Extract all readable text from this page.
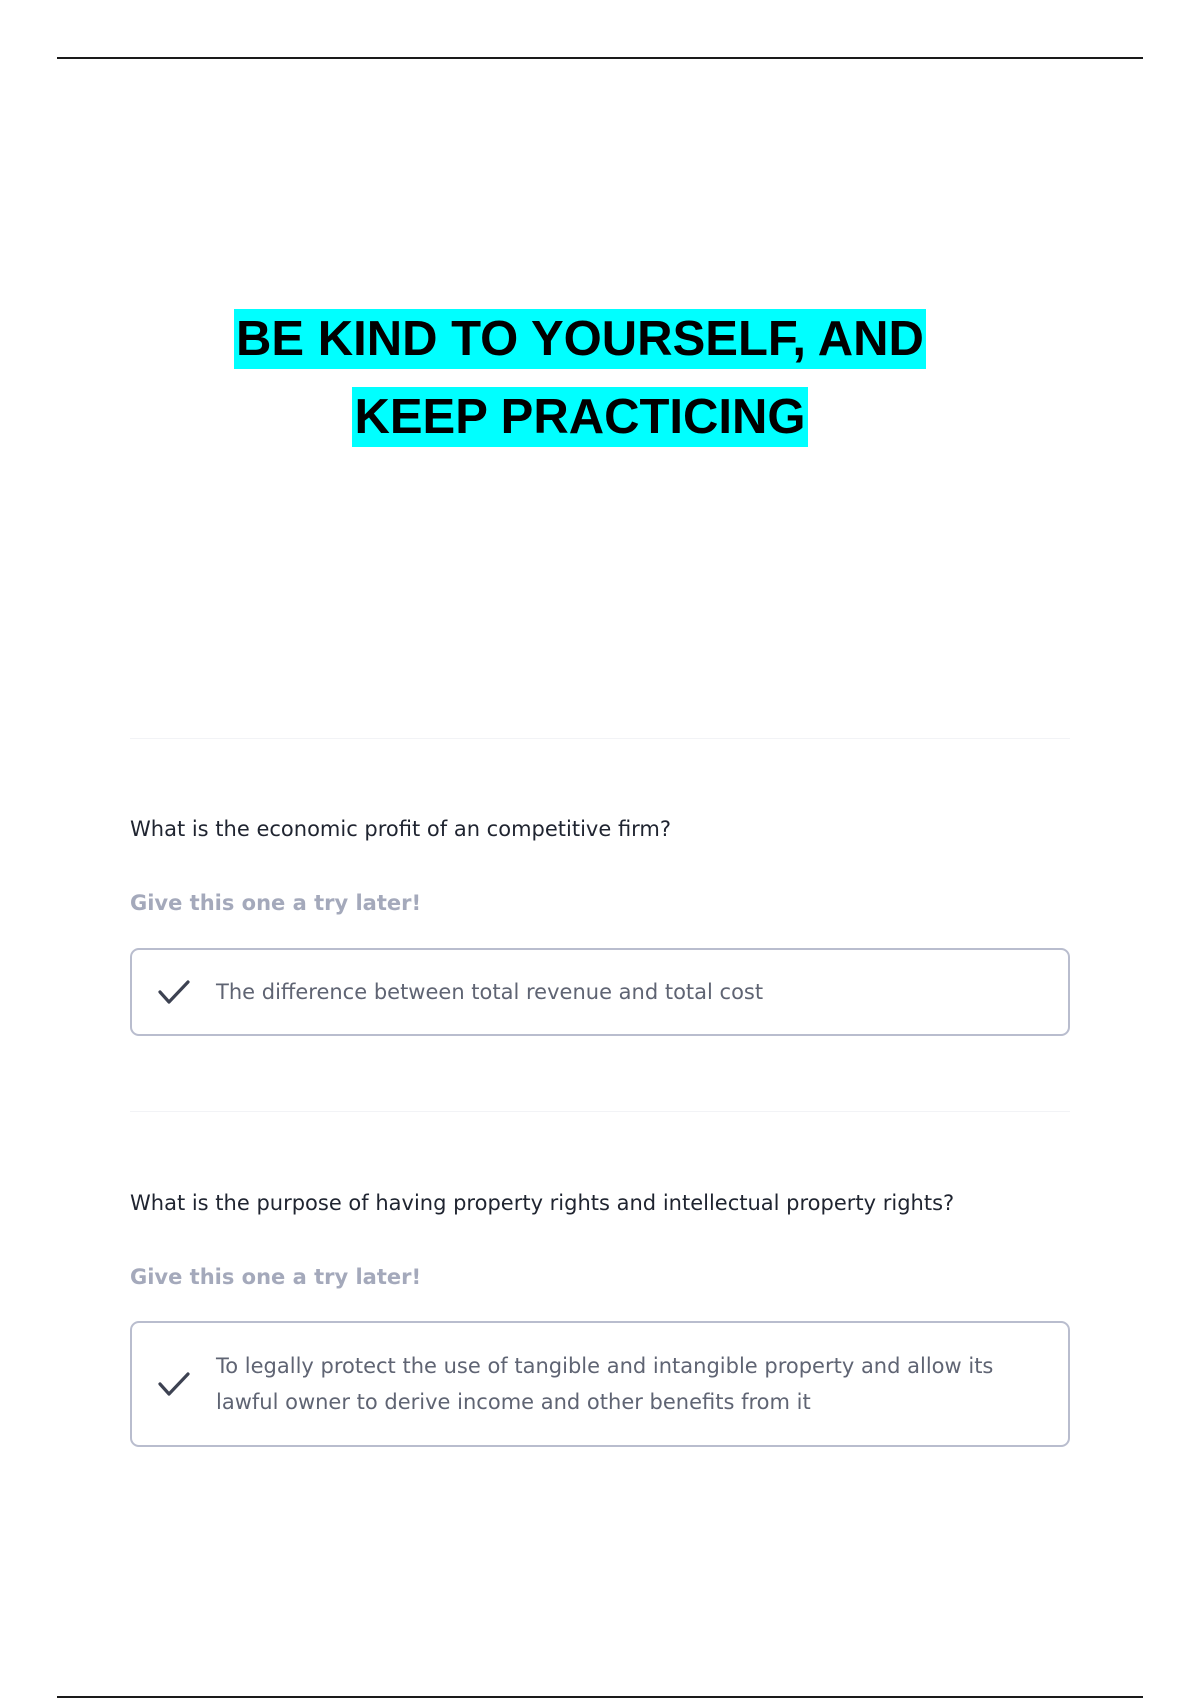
BE KIND TO YOURSELF, AND
KEEP PRACTICING
What is the economic profit of an competitive firm?
Give this one a try later!
The difference between total revenue and total cost
What is the purpose of having property rights and intellectual property rights?
Give this one a try later!
To legally protect the use of tangible and intangible property and allow its lawful owner to derive income and other benefits from it
